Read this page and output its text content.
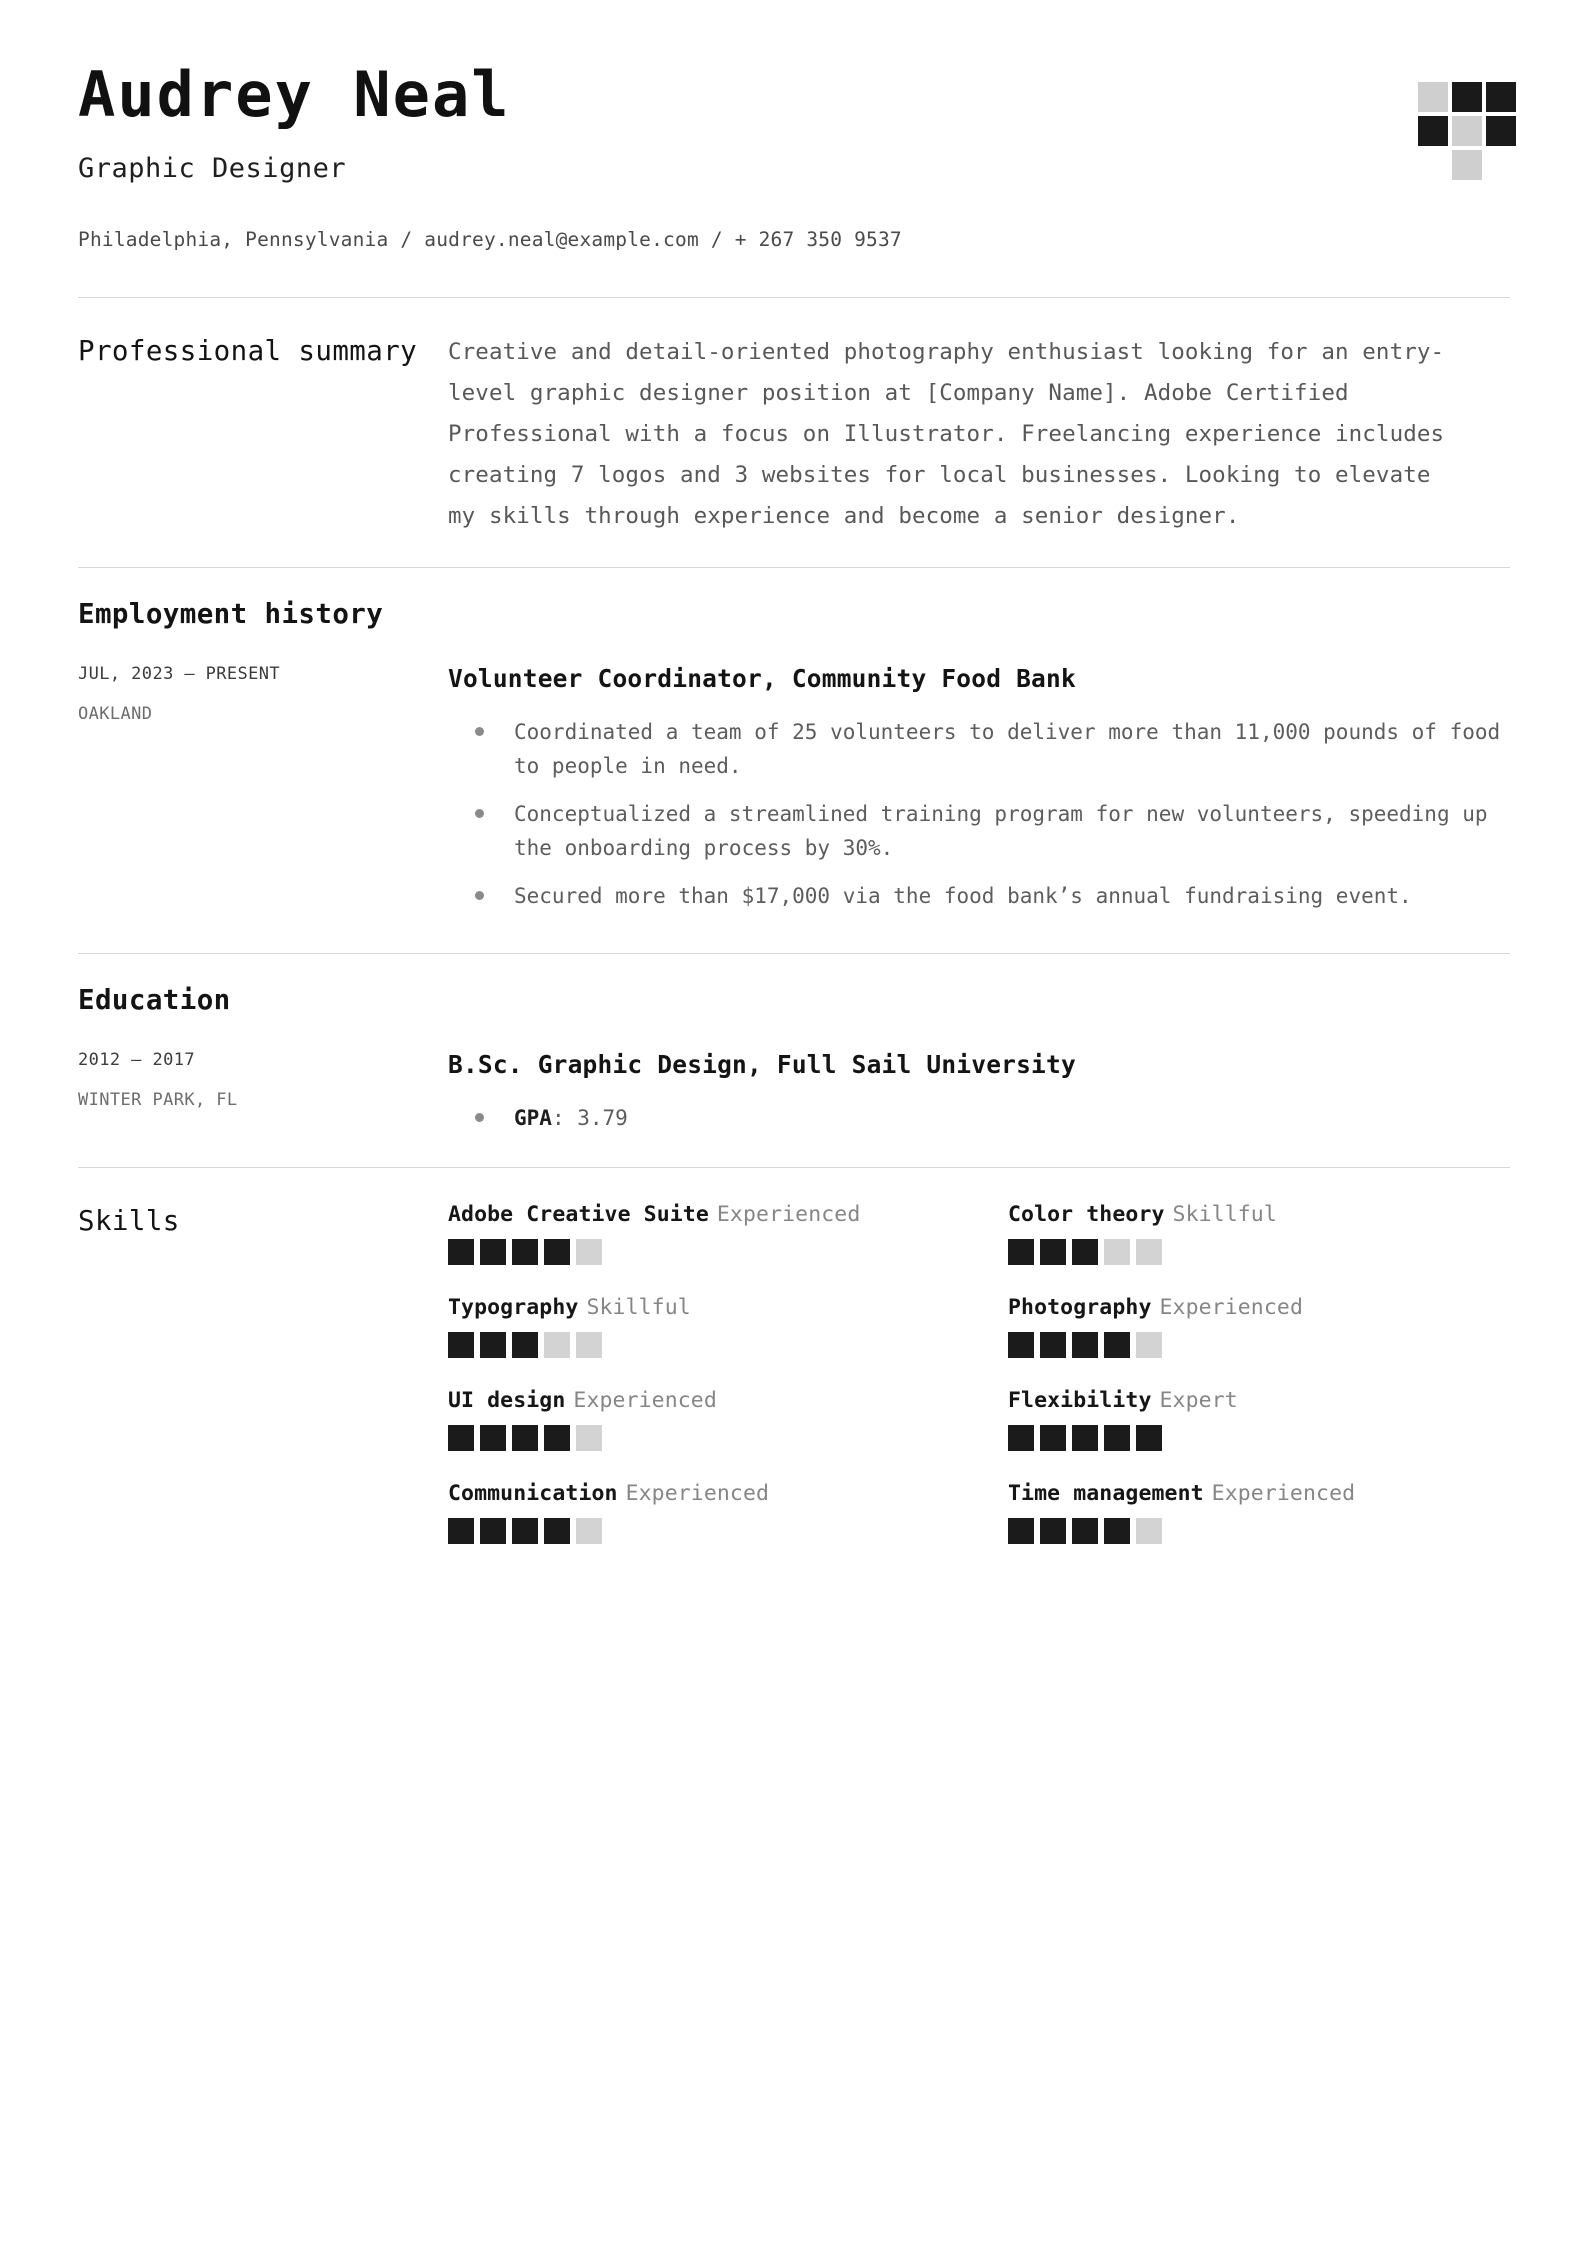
Audrey Neal
Graphic Designer
Philadelphia, Pennsylvania / audrey.neal@example.com / + 267 350 9537
Professional summary	Creative and detail-oriented photography enthusiast looking for an entry-level graphic designer position at [Company Name]. Adobe Certified Professional with a focus on Illustrator. Freelancing experience includes creating 7 logos and 3 websites for local businesses. Looking to elevate my skills through experience and become a senior designer.
Employment history
JUL, 2023 — PRESENT
OAKLAND
Volunteer Coordinator, Community Food Bank
Coordinated a team of 25 volunteers to deliver more than 11,000 pounds of food to people in need.
Conceptualized a streamlined training program for new volunteers, speeding up the onboarding process by 30%.
Secured more than $17,000 via the food bank’s annual fundraising event.
Education
2012 — 2017
WINTER PARK, FL
B.Sc. Graphic Design, Full Sail University
GPA: 3.79
Skills	Adobe Creative Suite Experienced	Color theory Skillful
Typography Skillful	Photography Experienced
UI design Experienced	Flexibility Expert
Communication Experienced	Time management Experienced
